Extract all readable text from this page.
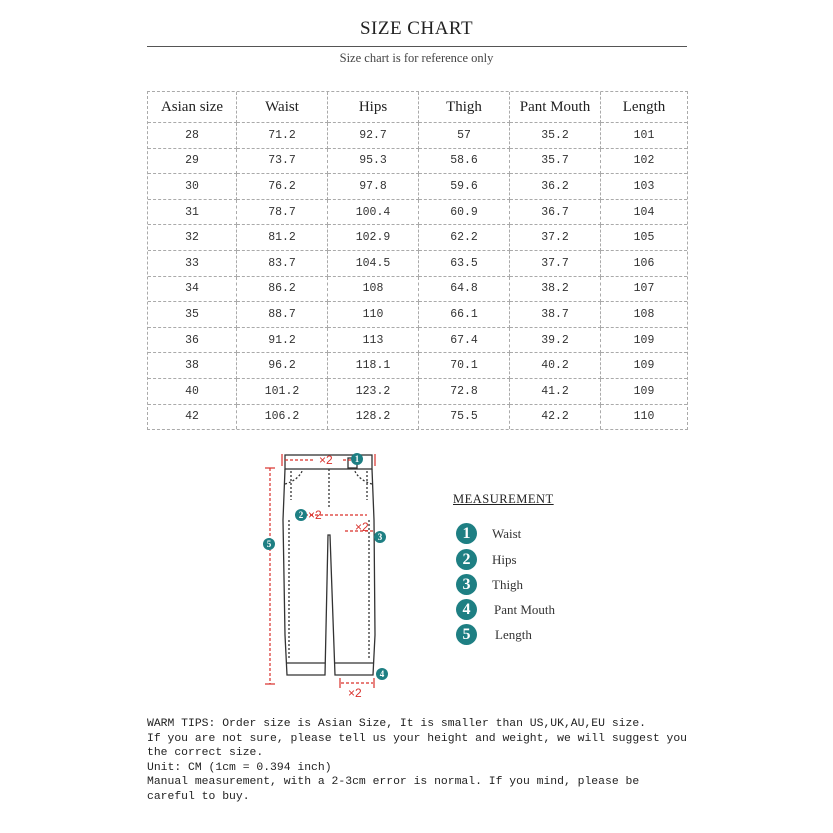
SIZE CHART
Size chart is for reference only
Asian size	Waist	Hips	Thigh	Pant Mouth	Length
28	71.2	92.7	57	35.2	101
29	73.7	95.3	58.6	35.7	102
30	76.2	97.8	59.6	36.2	103
31	78.7	100.4	60.9	36.7	104
32	81.2	102.9	62.2	37.2	105
33	83.7	104.5	63.5	37.7	106
34	86.2	108	64.8	38.2	107
35	88.7	110	66.1	38.7	108
36	91.2	113	67.4	39.2	109
38	96.2	118.1	70.1	40.2	109
40	101.2	123.2	72.8	41.2	109
42	106.2	128.2	75.5	42.2	110
×2
×2
×2
×2
1
2
3
4
5
MEASUREMENT
1	Waist
2	Hips
3	Thigh
4	Pant Mouth
5	Length
WARM TIPS: Order size is Asian Size, It is smaller than US,UK,AU,EU size.
If you are not sure, please tell us your height and weight, we will suggest you the correct size.
Unit: CM (1cm = 0.394 inch)
Manual measurement, with a 2-3cm error is normal. If you mind, please be careful to buy.
